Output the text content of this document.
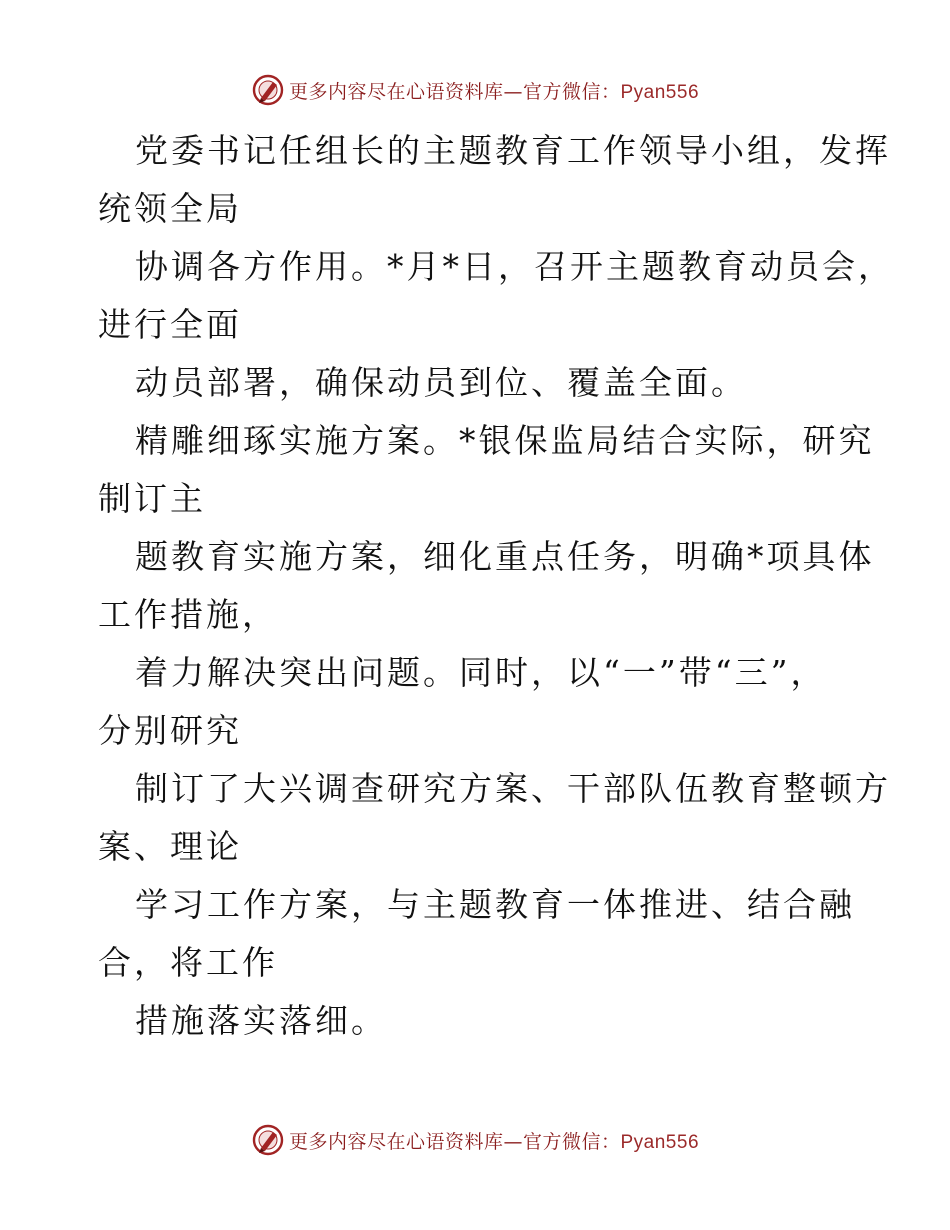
更多内容尽在心语资料库—官方微信：Pyan556
党委书记任组长的主题教育工作领导小组，发挥
统领全局
协调各方作用。*月*日，召开主题教育动员会，
进行全面
动员部署，确保动员到位、覆盖全面。
精雕细琢实施方案。*银保监局结合实际，研究
制订主
题教育实施方案，细化重点任务，明确*项具体
工作措施，
着力解决突出问题。同时，以“一”带“三”，
分别研究
制订了大兴调查研究方案、干部队伍教育整顿方
案、理论
学习工作方案，与主题教育一体推进、结合融
合，将工作
措施落实落细。
更多内容尽在心语资料库—官方微信：Pyan556
